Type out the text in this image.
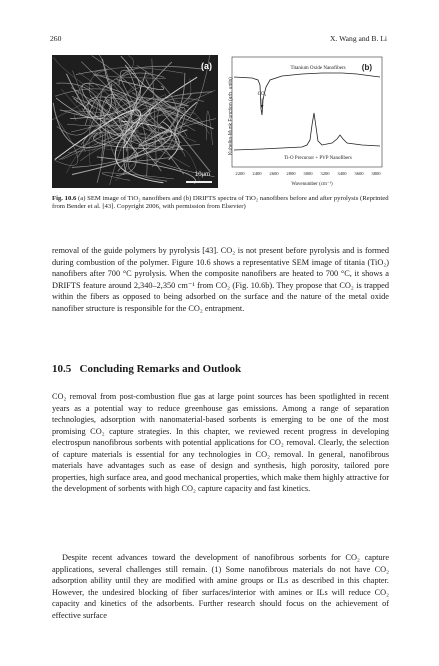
260	X. Wang and B. Li
(a)
10μm
Kubelka-Munk Function (arb. units)
Titanium Oxide Nanofibers (b)
CO₂
Ti-O Precursor + PVP Nanofibers
2200 2400 2600 2800 3000 3200 3400 3600 3800
Wavenumber (cm⁻¹)
Fig. 10.6 (a) SEM image of TiO₂ nanofibers and (b) DRIFTS spectra of TiO₂ nanofibers before and after pyrolysis (Reprinted from Bender et al. [43]. Copyright 2006, with permission from Elsevier)

removal of the guide polymers by pyrolysis [43]. CO₂ is not present before pyrolysis and is formed during combustion of the polymer. Figure 10.6 shows a representative SEM image of titania (TiO₂) nanofibers after 700 °C pyrolysis. When the composite nanofibers are heated to 700 °C, it shows a DRIFTS feature around 2,340–2,350 cm⁻¹ from CO₂ (Fig. 10.6b). They propose that CO₂ is trapped within the fibers as opposed to being adsorbed on the surface and the nature of the metal oxide nanofiber structure is responsible for the CO₂ entrapment.

10.5   Concluding Remarks and Outlook

CO₂ removal from post-combustion flue gas at large point sources has been spotlighted in recent years as a potential way to reduce greenhouse gas emissions. Among a range of separation technologies, adsorption with nanomaterial-based sorbents is emerging to be one of the most promising CO₂ capture strategies. In this chapter, we reviewed recent progress in developing electrospun nanofibrous sorbents with potential applications for CO₂ removal. Clearly, the selection of capture materials is essential for any technologies in CO₂ removal. In general, nanofibrous materials have advantages such as ease of design and synthesis, high porosity, tailored pore properties, high surface area, and good mechanical properties, which make them highly attractive for the development of sorbents with high CO₂ capture capacity and fast kinetics.

Despite recent advances toward the development of nanofibrous sorbents for CO₂ capture applications, several challenges still remain. (1) Some nanofibrous materials do not have CO₂ adsorption ability until they are modified with amine groups or ILs as described in this chapter. However, the undesired blocking of fiber surfaces/interior with amines or ILs will reduce CO₂ capacity and kinetics of the adsorbents. Further research should focus on the achievement of effective surface
